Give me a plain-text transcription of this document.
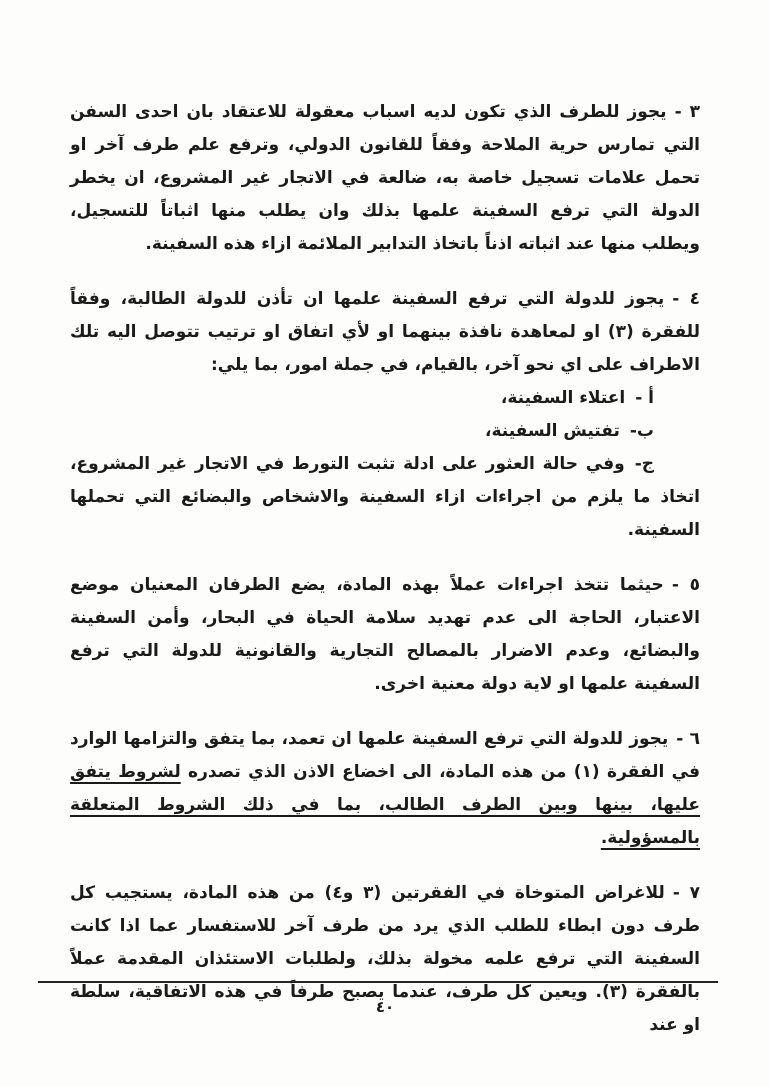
٣ -يجوز للطرف الذي تكون لديه اسباب معقولة للاعتقاد بان احدى السفن التي تمارس حرية الملاحة وفقاً للقانون الدولي، وترفع علم طرف آخر او تحمل علامات تسجيل خاصة به، ضالعة في الاتجار غير المشروع، ان يخطر الدولة التي ترفع السفينة علمها بذلك وان يطلب منها اثباتاً للتسجيل، ويطلب منها عند اثباته اذناً باتخاذ التدابير الملائمة ازاء هذه السفينة.

٤ -يجوز للدولة التي ترفع السفينة علمها ان تأذن للدولة الطالبة، وفقاً للفقرة (٣) او لمعاهدة نافذة بينهما او لأي اتفاق او ترتيب تتوصل اليه تلك الاطراف على اي نحو آخر، بالقيام، في جملة امور، بما يلي:

أ -اعتلاء السفينة،

ب-تفتيش السفينة،

ج-وفي حالة العثور على ادلة تثبت التورط في الاتجار غير المشروع، اتخاذ ما يلزم من اجراءات ازاء السفينة والاشخاص والبضائع التي تحملها السفينة.

٥ -حيثما تتخذ اجراءات عملاً بهذه المادة، يضع الطرفان المعنيان موضع الاعتبار، الحاجة الى عدم تهديد سلامة الحياة في البحار، وأمن السفينة والبضائع، وعدم الاضرار بالمصالح التجارية والقانونية للدولة التي ترفع السفينة علمها او لاية دولة معنية اخرى.

٦ -يجوز للدولة التي ترفع السفينة علمها ان تعمد، بما يتفق والتزامها الوارد في الفقرة (١) من هذه المادة، الى اخضاع الاذن الذي تصدره لشروط يتفق عليها، بينها وبين الطرف الطالب، بما في ذلك الشروط المتعلقة بالمسؤولية.

٧ -للاغراض المتوخاة في الفقرتين (٣ و٤) من هذه المادة، يستجيب كل طرف دون ابطاء للطلب الذي يرد من طرف آخر للاستفسار عما اذا كانت السفينة التي ترفع علمه مخولة بذلك، ولطلبات الاستئذان المقدمة عملاً بالفقرة (٣). ويعين كل طرف، عندما يصبح طرفاً في هذه الاتفاقية، سلطة او عند

٤٠
